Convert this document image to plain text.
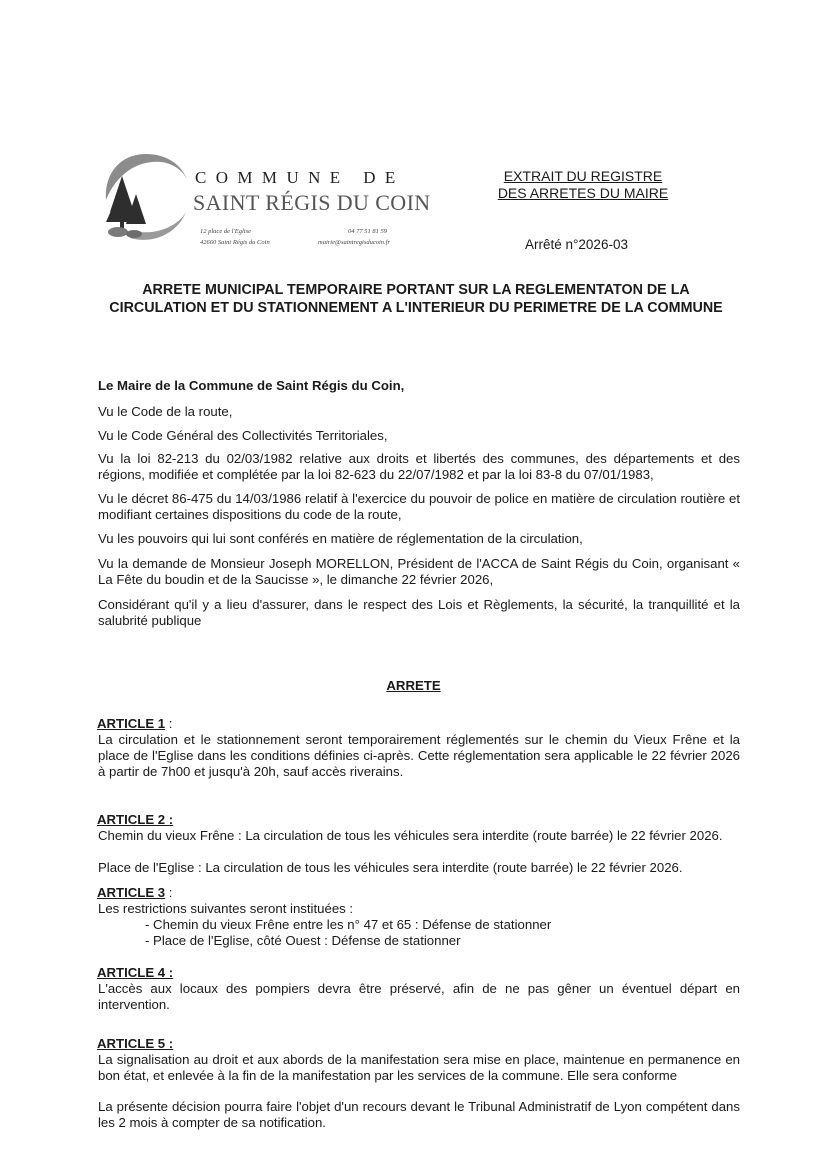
COMMUNE DE
SAINT RÉGIS DU COIN
12 place de l'Eglise
42660 Saint Régis du Coin
04 77 51 81 59
mairie@saintregisducoin.fr
EXTRAIT DU REGISTRE
DES ARRETES DU MAIRE
Arrêté n°2026-03
ARRETE MUNICIPAL TEMPORAIRE PORTANT SUR LA REGLEMENTATON DE LA CIRCULATION ET DU STATIONNEMENT A L'INTERIEUR DU PERIMETRE DE LA COMMUNE
Le Maire de la Commune de Saint Régis du Coin,
Vu le Code de la route,
Vu le Code Général des Collectivités Territoriales,
Vu la loi 82-213 du 02/03/1982 relative aux droits et libertés des communes, des départements et des régions, modifiée et complétée par la loi 82-623 du 22/07/1982 et par la loi 83-8 du 07/01/1983,
Vu le décret 86-475 du 14/03/1986 relatif à l'exercice du pouvoir de police en matière de circulation routière et modifiant certaines dispositions du code de la route,
Vu les pouvoirs qui lui sont conférés en matière de réglementation de la circulation,
Vu la demande de Monsieur Joseph MORELLON, Président de l'ACCA de Saint Régis du Coin, organisant « La Fête du boudin et de la Saucisse », le dimanche 22 février 2026,
Considérant qu'il y a lieu d'assurer, dans le respect des Lois et Règlements, la sécurité, la tranquillité et la salubrité publique
ARRETE
ARTICLE 1 :
La circulation et le stationnement seront temporairement réglementés sur le chemin du Vieux Frêne et la place de l'Eglise dans les conditions définies ci-après. Cette réglementation sera applicable le 22 février 2026 à partir de 7h00 et jusqu'à 20h, sauf accès riverains.
ARTICLE 2 :
Chemin du vieux Frêne : La circulation de tous les véhicules sera interdite (route barrée) le 22 février 2026.
Place de l'Eglise : La circulation de tous les véhicules sera interdite (route barrée) le 22 février 2026.
ARTICLE 3 :
Les restrictions suivantes seront instituées :
- Chemin du vieux Frêne entre les n° 47 et 65 : Défense de stationner
- Place de l'Eglise, côté Ouest : Défense de stationner
ARTICLE 4 :
L'accès aux locaux des pompiers devra être préservé, afin de ne pas gêner un éventuel départ en intervention.
ARTICLE 5 :
La signalisation au droit et aux abords de la manifestation sera mise en place, maintenue en permanence en bon état, et enlevée à la fin de la manifestation par les services de la commune. Elle sera conforme
La présente décision pourra faire l'objet d'un recours devant le Tribunal Administratif de Lyon compétent dans les 2 mois à compter de sa notification.
